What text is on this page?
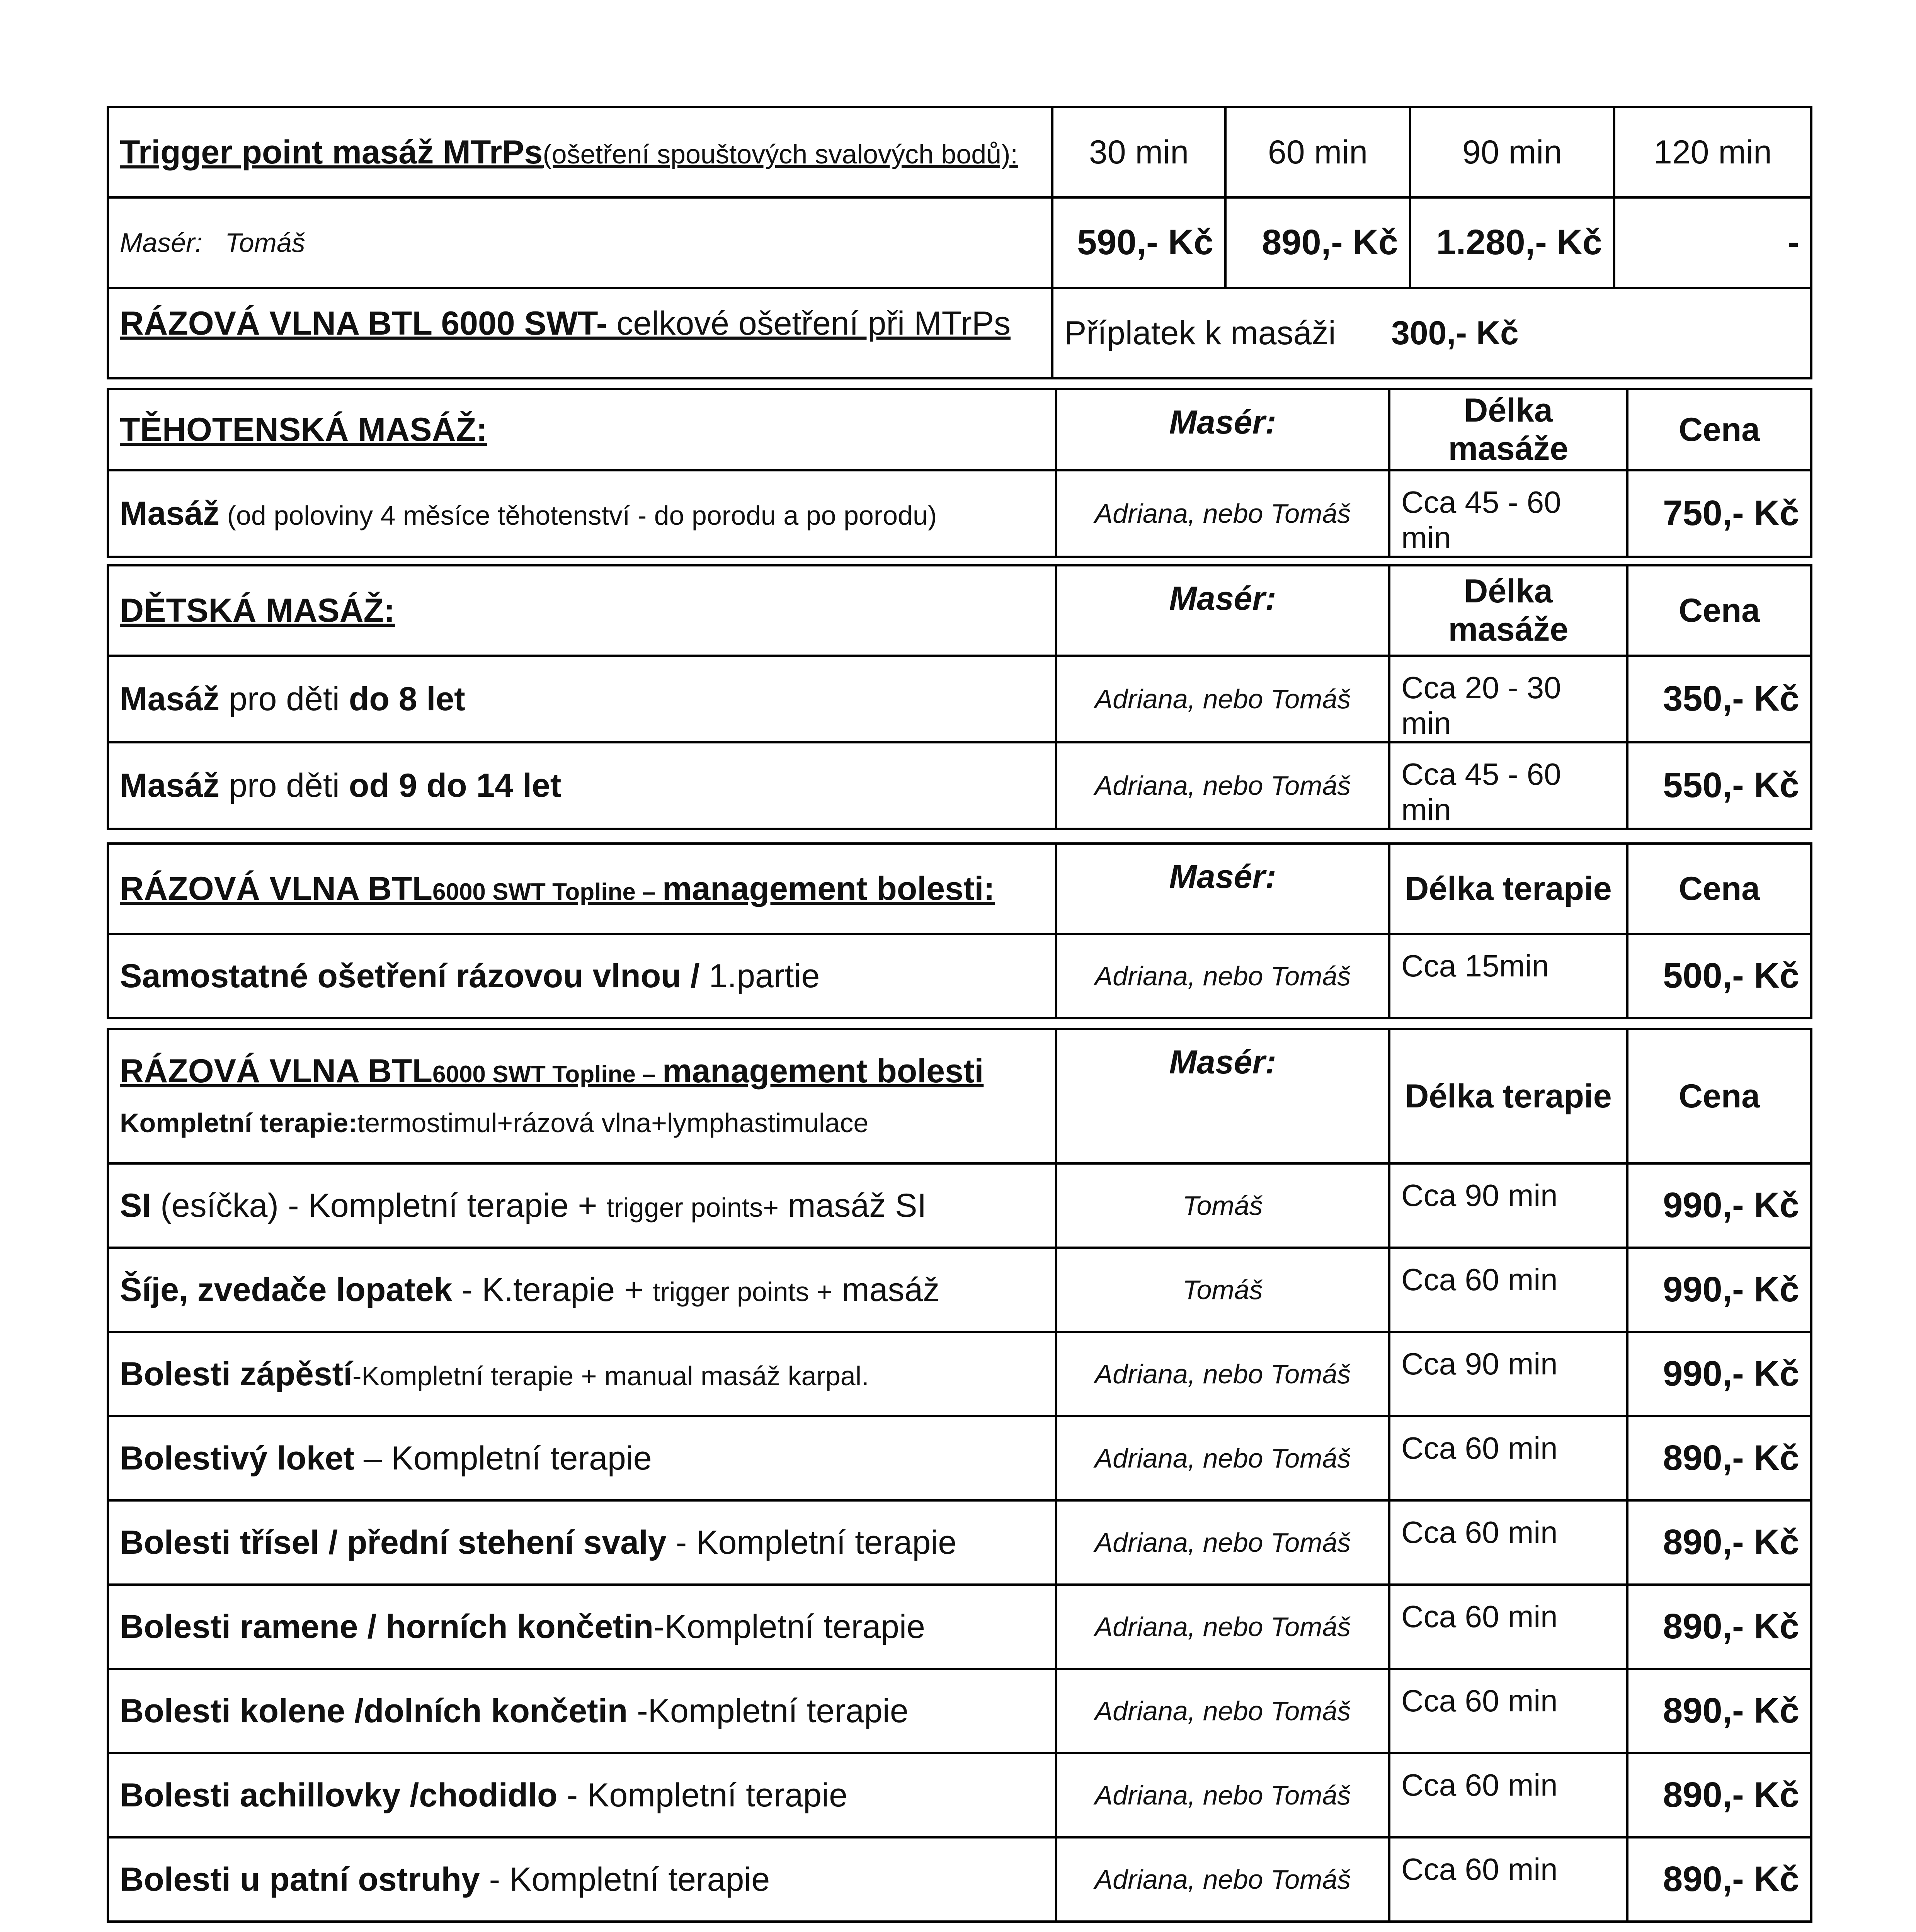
Trigger point masáž MTrPs(ošetření spouštových svalových bodů):	30 min	60 min	90 min	120 min
Masér: Tomáš	590,- Kč	890,- Kč	1.280,- Kč	-
RÁZOVÁ VLNA BTL 6000 SWT- celkové ošetření při MTrPs	Příplatek k masáži 300,- Kč			
TĚHOTENSKÁ MASÁŽ:	Masér:	Délka masáže	Cena
Masáž (od poloviny 4 měsíce těhotenství - do porodu a po porodu)	Adriana, nebo Tomáš	Cca 45 - 60 min	750,- Kč
DĚTSKÁ MASÁŽ:	Masér:	Délka masáže	Cena
Masáž pro děti do 8 let	Adriana, nebo Tomáš	Cca 20 - 30 min	350,- Kč
Masáž pro děti od 9 do 14 let	Adriana, nebo Tomáš	Cca 45 - 60 min	550,- Kč
RÁZOVÁ VLNA BTL6000 SWT Topline – management bolesti:	Masér:	Délka terapie	Cena
Samostatné ošetření rázovou vlnou / 1.partie	Adriana, nebo Tomáš	Cca 15min	500,- Kč
RÁZOVÁ VLNA BTL6000 SWT Topline – management bolesti
Kompletní terapie:termostimul+rázová vlna+lymphastimulace	Masér:	Délka terapie	Cena
SI (esíčka) - Kompletní terapie + trigger points+ masáž SI	Tomáš	Cca 90 min	990,- Kč
Šíje, zvedače lopatek - K.terapie + trigger points + masáž	Tomáš	Cca 60 min	990,- Kč
Bolesti zápěstí-Kompletní terapie + manual masáž karpal.	Adriana, nebo Tomáš	Cca 90 min	990,- Kč
Bolestivý loket – Kompletní terapie	Adriana, nebo Tomáš	Cca 60 min	890,- Kč
Bolesti třísel / přední stehení svaly - Kompletní terapie	Adriana, nebo Tomáš	Cca 60 min	890,- Kč
Bolesti ramene / horních končetin-Kompletní terapie	Adriana, nebo Tomáš	Cca 60 min	890,- Kč
Bolesti kolene /dolních končetin -Kompletní terapie	Adriana, nebo Tomáš	Cca 60 min	890,- Kč
Bolesti achillovky /chodidlo - Kompletní terapie	Adriana, nebo Tomáš	Cca 60 min	890,- Kč
Bolesti u patní ostruhy - Kompletní terapie	Adriana, nebo Tomáš	Cca 60 min	890,- Kč
